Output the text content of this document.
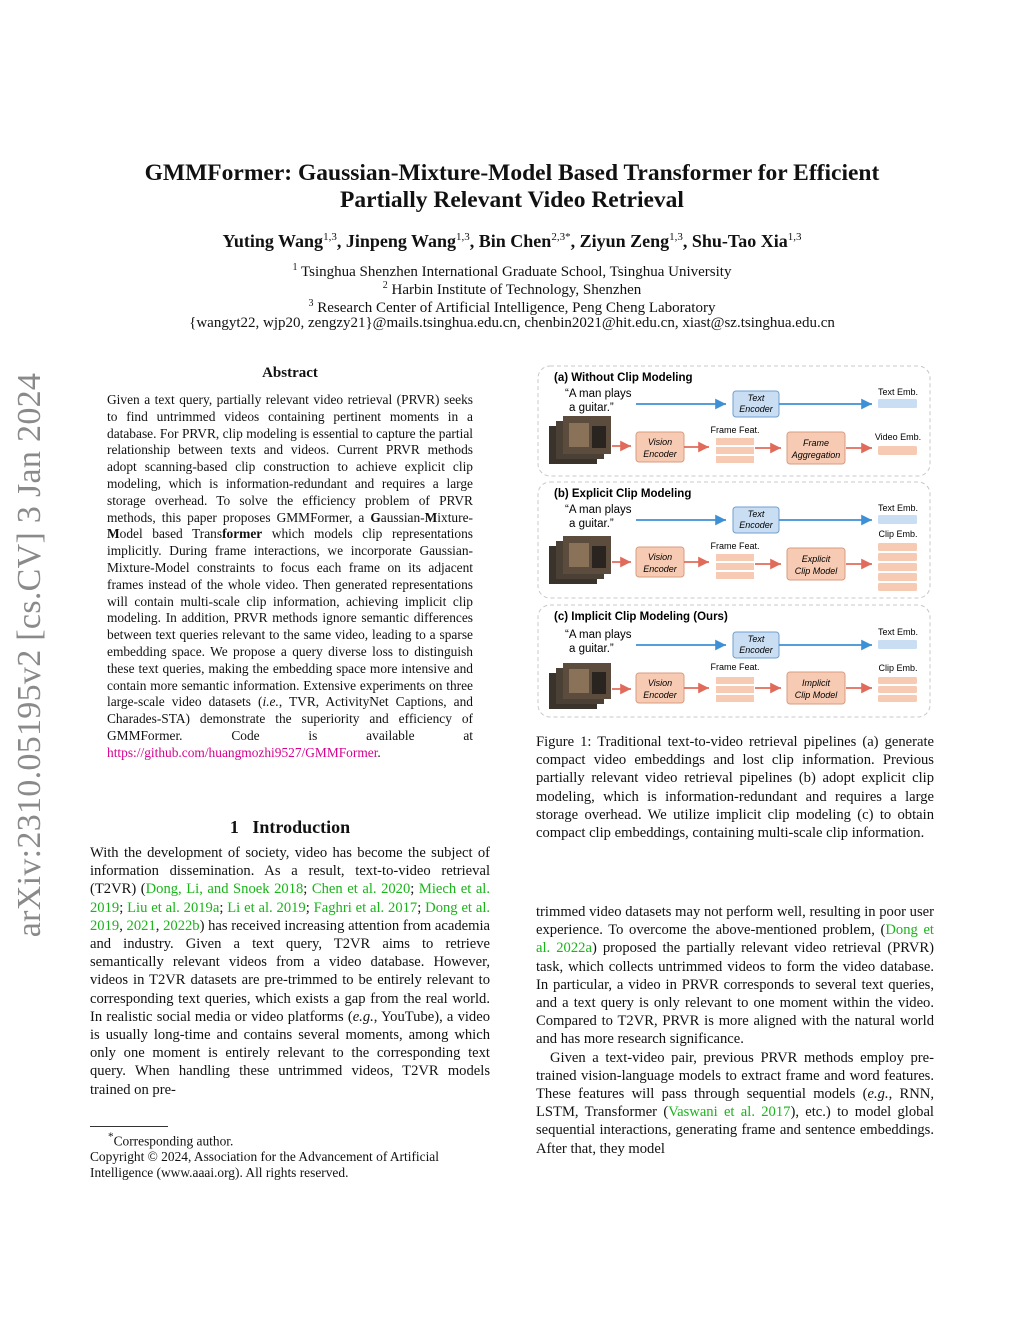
arXiv:2310.05195v2 [cs.CV] 3 Jan 2024
GMMFormer: Gaussian-Mixture-Model Based Transformer for Efficient
Partially Relevant Video Retrieval
Yuting Wang$^{1,3}$, Jinpeng Wang$^{1,3}$, Bin Chen$^{2,3*}$, Ziyun Zeng$^{1,3}$, Shu-Tao Xia$^{1,3}$
$^1$ Tsinghua Shenzhen International Graduate School, Tsinghua University
$^2$ Harbin Institute of Technology, Shenzhen
$^3$ Research Center of Artificial Intelligence, Peng Cheng Laboratory
{wangyt22, wjp20, zengzy21}@mails.tsinghua.edu.cn, chenbin2021@hit.edu.cn, xiast@sz.tsinghua.edu.cn
Abstract

Given a text query, partially relevant video retrieval (PRVR) seeks to find untrimmed videos containing pertinent moments in a database. For PRVR, clip modeling is essential to capture the partial relationship between texts and videos. Current PRVR methods adopt scanning-based clip construction to achieve explicit clip modeling, which is information-redundant and requires a large storage overhead. To solve the efficiency problem of PRVR methods, this paper proposes GMMFormer, a Gaussian-Mixture-Model based Transformer which models clip representations implicitly. During frame interactions, we incorporate Gaussian-Mixture-Model constraints to focus each frame on its adjacent frames instead of the whole video. Then generated representations will contain multi-scale clip information, achieving implicit clip modeling. In addition, PRVR methods ignore semantic differences between text queries relevant to the same video, leading to a sparse embedding space. We propose a query diverse loss to distinguish these text queries, making the embedding space more intensive and contain more semantic information. Extensive experiments on three large-scale video datasets (i.e., TVR, ActivityNet Captions, and Charades-STA) demonstrate the superiority and efficiency of GMMFormer. Code is available at https://github.com/huangmozhi9527/GMMFormer.

1 Introduction

With the development of society, video has become the subject of information dissemination. As a result, text-to-video retrieval (T2VR) (Dong, Li, and Snoek 2018; Chen et al. 2020; Miech et al. 2019; Liu et al. 2019a; Li et al. 2019; Faghri et al. 2017; Dong et al. 2019, 2021, 2022b) has received increasing attention from academia and industry. Given a text query, T2VR aims to retrieve semantically relevant videos from a video database. However, videos in T2VR datasets are pre-trimmed to be entirely relevant to corresponding text queries, which exists a gap from the real world. In realistic social media or video platforms (e.g., YouTube), a video is usually long-time and contains several moments, among which only one moment is entirely relevant to the corresponding text query. When handling these untrimmed videos, T2VR models trained on pre-

*Corresponding author.
Copyright © 2024, Association for the Advancement of Artificial Intelligence (www.aaai.org). All rights reserved.
(a) Without Clip Modeling
“A man plays
a guitar.”
Text
Encoder
Text Emb.
Vision
Encoder
Frame Feat.
Frame
Aggregation
Video Emb.
(b) Explicit Clip Modeling
“A man plays
a guitar.”
Text
Encoder
Text Emb.
Vision
Encoder
Frame Feat.
Explicit
Clip Model
Clip Emb.
(c) Implicit Clip Modeling (Ours)
“A man plays
a guitar.”
Text
Encoder
Text Emb.
Vision
Encoder
Frame Feat.
Implicit
Clip Model
Clip Emb.
Figure 1: Traditional text-to-video retrieval pipelines (a) generate compact video embeddings and lost clip information. Previous partially relevant video retrieval pipelines (b) adopt explicit clip modeling, which is information-redundant and requires a large storage overhead. We utilize implicit clip modeling (c) to obtain compact clip embeddings, containing multi-scale clip information.

trimmed video datasets may not perform well, resulting in poor user experience. To overcome the above-mentioned problem, (Dong et al. 2022a) proposed the partially relevant video retrieval (PRVR) task, which collects untrimmed videos to form the video database. In particular, a video in PRVR corresponds to several text queries, and a text query is only relevant to one moment within the video. Compared to T2VR, PRVR is more aligned with the natural world and has more research significance.

Given a text-video pair, previous PRVR methods employ pre-trained vision-language models to extract frame and word features. These features will pass through sequential models (e.g., RNN, LSTM, Transformer (Vaswani et al. 2017), etc.) to model global sequential interactions, generating frame and sentence embeddings. After that, they model
